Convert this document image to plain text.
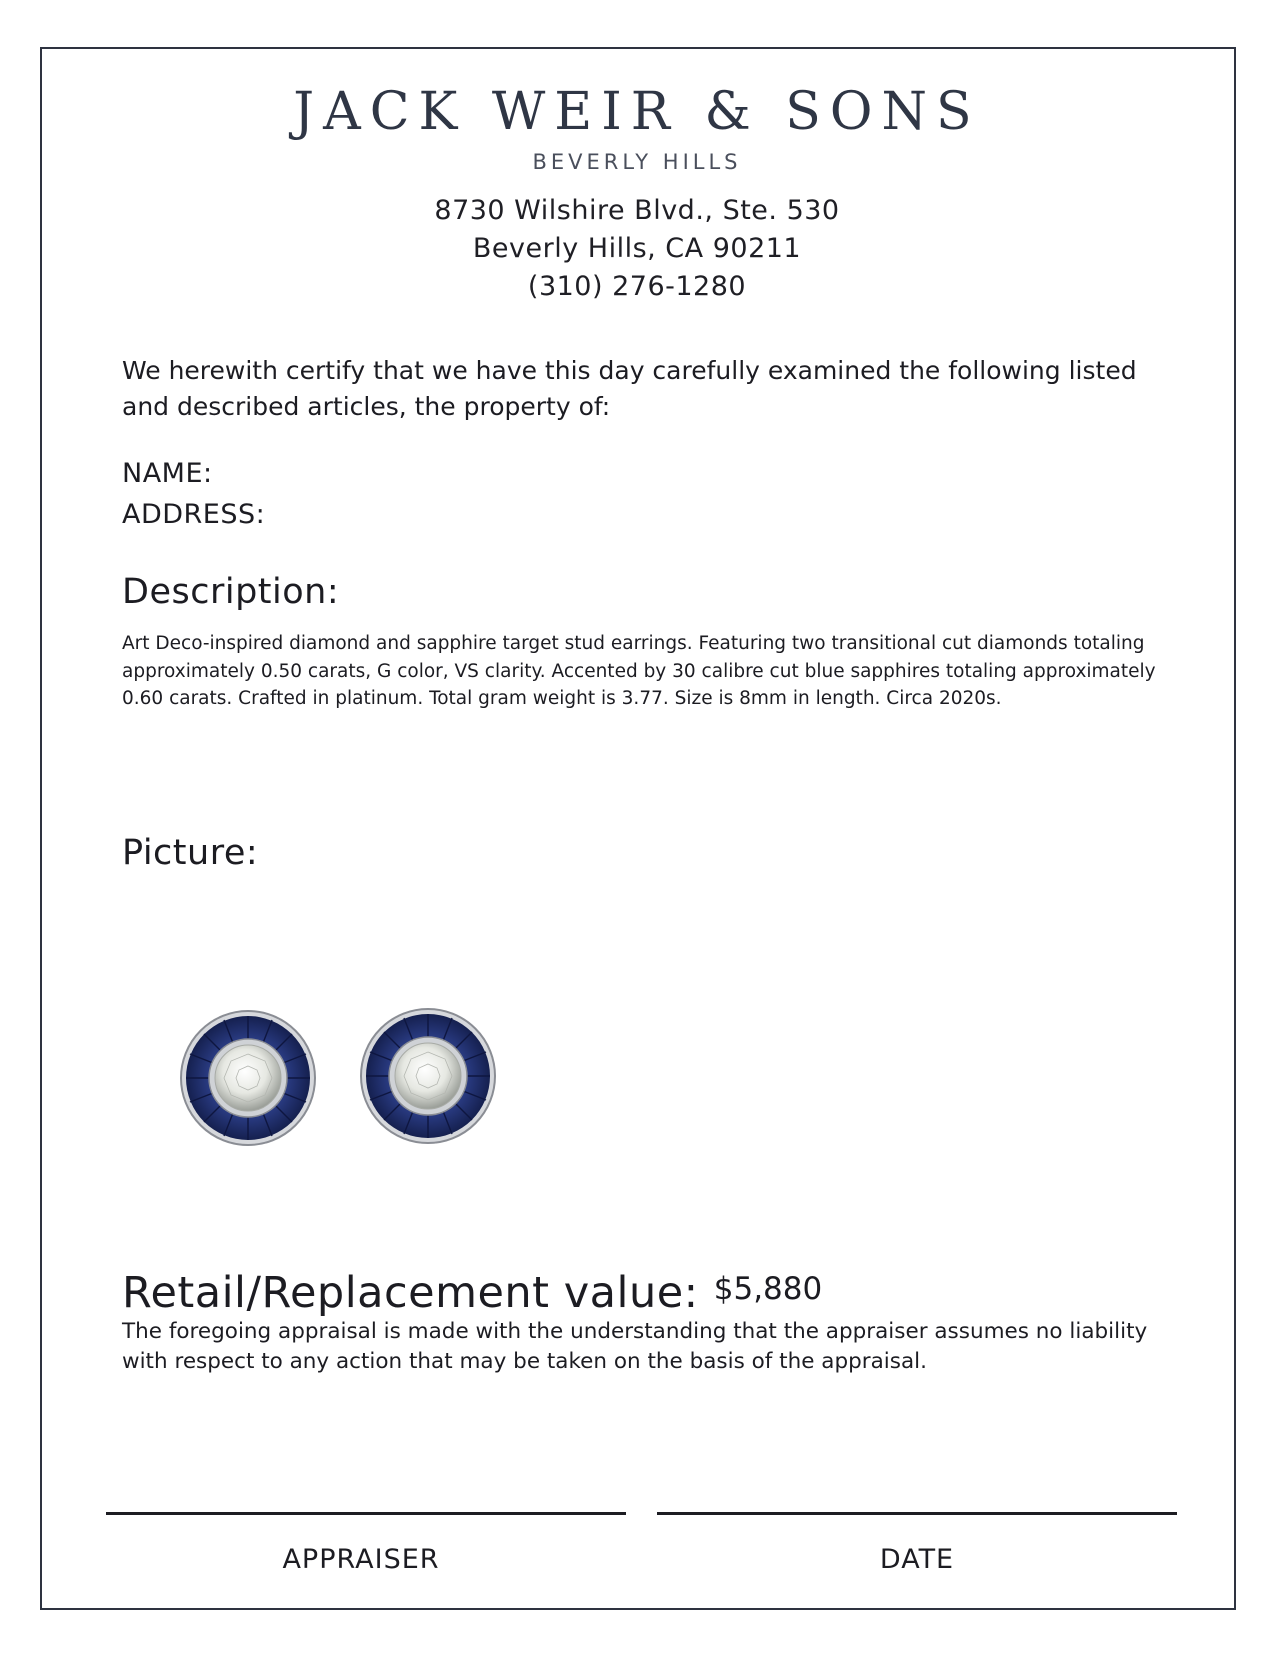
JACK WEIR & SONS
BEVERLY HILLS
8730 Wilshire Blvd., Ste. 530
Beverly Hills, CA 90211
(310) 276-1280
We herewith certify that we have this day carefully examined the following listed and described articles, the property of:
NAME:
ADDRESS:
Description:
Art Deco-inspired diamond and sapphire target stud earrings. Featuring two transitional cut diamonds totaling approximately 0.50 carats, G color, VS clarity. Accented by 30 calibre cut blue sapphires totaling approximately 0.60 carats. Crafted in platinum. Total gram weight is 3.77. Size is 8mm in length. Circa 2020s.
Picture:
Retail/Replacement value: $5,880
The foregoing appraisal is made with the understanding that the appraiser assumes no liability with respect to any action that may be taken on the basis of the appraisal.
APPRAISER	DATE
